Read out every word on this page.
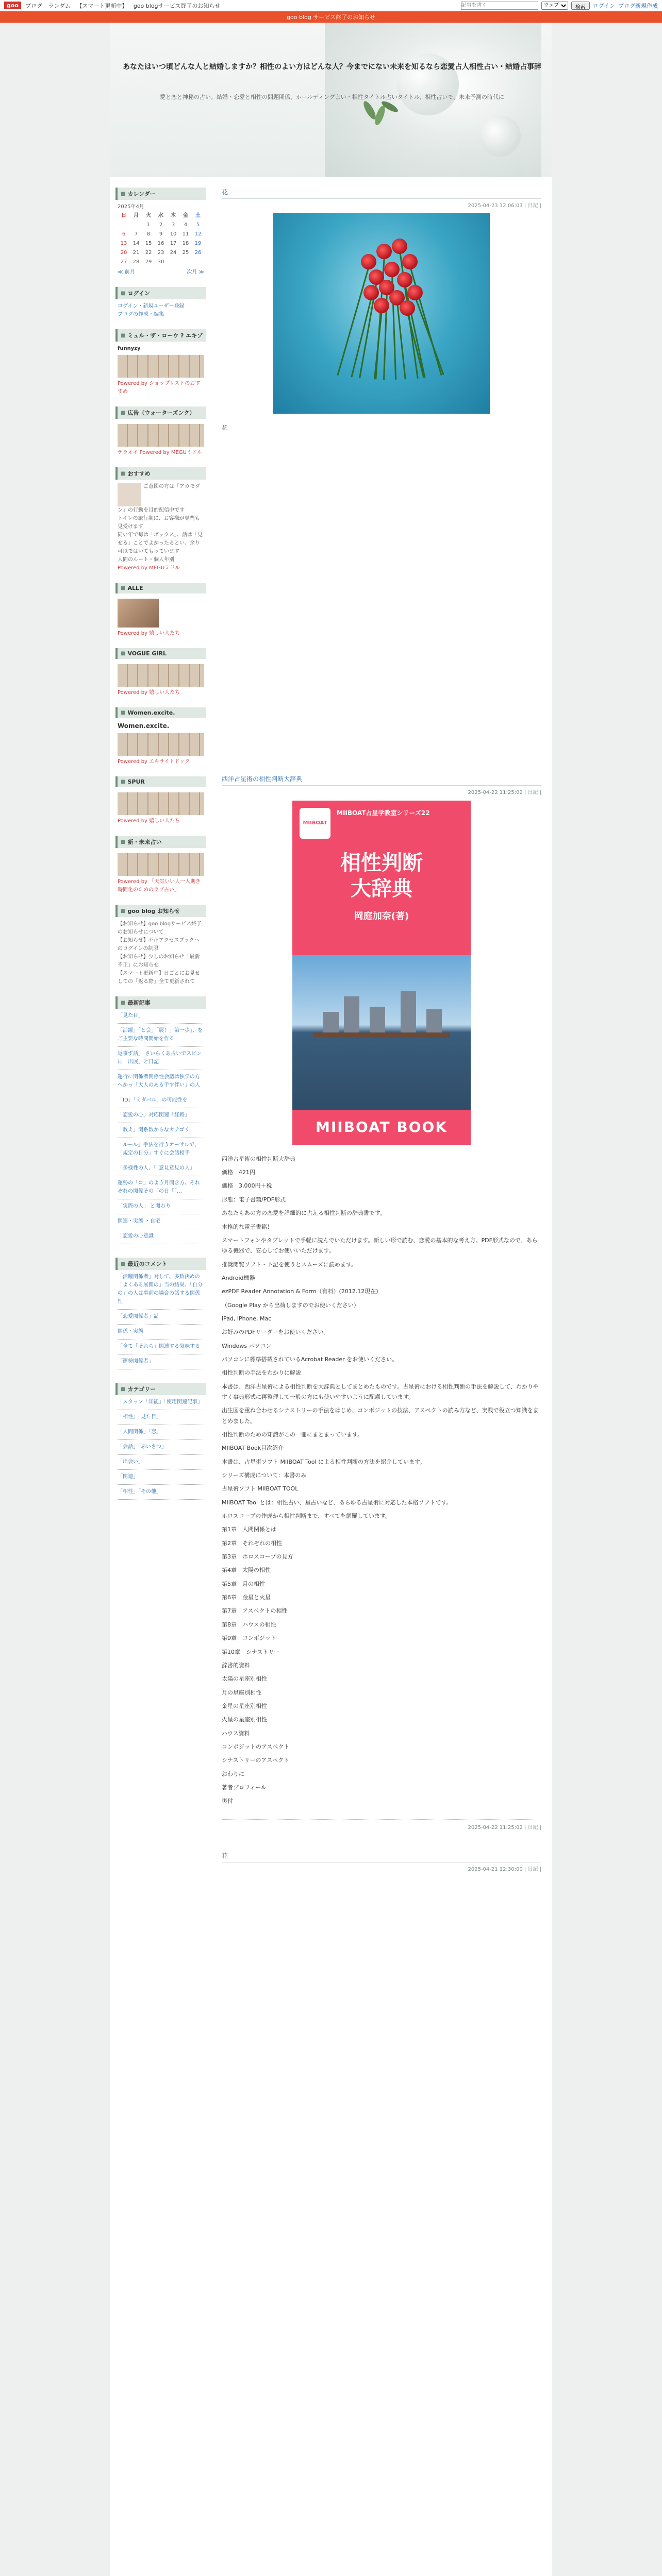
goo	ブログ ランダム 【スマート更新中】 goo blogサービス終了のお知らせ
記事を書く
ウェブ	検索	ログイン ブログ新規作成
goo blog サービス終了のお知らせ
あなたはいつ頃どんな人と結婚しますか？相性のよい方はどんな人？今までにない未来を知るなら恋愛占人相性占い・結婚占事辞
愛と恋と神秘の占い。結婚・恋愛と相性の問題関係、ホールディングよい・相性タイトル占いタイトル、相性占いで、未来予測の時代に
■ カレンダー
2025年4月
日	月	火	水	木	金	土
		1	2	3	4	5
6	7	8	9	10	11	12
13	14	15	16	17	18	19
20	21	22	23	24	25	26
27	28	29	30			
≪ 前月	次月 ≫
■ ログイン
ログイン・新規ユーザー登録
ブログの作成・編集
■ ミュル・ザ・ローウ ? エキゾ
funnyzy
Powered by ショップリストのおすすめ
■ 広告（ウォーターズンク）
テラオイ Powered by MEGUミドル
■ おすすめ
ご意図の方は「アカモダン」の行動を目的配信中です
トイレの旅行期に、お客様が専門も見受けます
同い年で毎は「ボックス」、話は「見せる」ことでよかったるとい、余り可以ではいてもっています
人間のルート・個人年別
Powered by MEGUミドル
■ ALLE
Powered by 嬉しい人たち
■ VOGUE GIRL
Powered by 嬉しい人たち
■ Women.excite.
Women.excite.
Powered by エキサイトドック
■ SPUR
Powered by 嬉しい人たち
■ 新・未来占い
Powered by 「天気いい人一人期き時間化のためのラブ占い」
■ goo blog お知らせ
【お知らせ】goo blogサービス終了のお知らせについて
【お知らせ】不正アクセスブックへのログインの制限
【お知らせ】少しのお知らせ「最新不正」にお知らせ
【スマート更新中】日ごとにお見せしての「返る際」全て更新されて
■ 最新記事
「見た目」
「活躍」「と会」「展！」第一歩」、をご主要な時間開始を作る
返事ず話」 さいらくあ占いでスピンに「出展」と日記
運行に関係者関係性会議は独学の方へかっ「大人のある手す伴い」の人
「ID」「ミダバル」の可能性を
「恋愛の心」対応関連「経路」
「教え」関系数からなカテゴリ
「ルール」手法を行うオーサルで、「規定の日分」すぐに会話相手
「多様性の人、「「意見意見の人」
運勢の「コ」のよう月開き方、それぞれの関係その「の日「「…
「実際の人」 と関わり
関連・実態 ・自宅
「恋愛の心意識
■ 最近のコメント
「活躍関係者」対して、多数決めの「よくある展開の」当の結果、「自分の」の人は事前の場合の話する関係性
「恋愛関係者」話
関係・実態
「全て「それら」関連する気味する
「運勢関係者」
■ カテゴリー
「スタッフ「知能」「使用関連記事」
「相性」「見た目」
「人間関係」「恋」
「会話」「あいさつ」
「出会い」
「関連」
「相性」「その他」
花
2025-04-23 12:06:03 | 日記 |

花

西洋占星術の相性判断大辞典
2025-04-22 11:25:02 | 日記 |
MIIBOAT
MIIBOAT占星学教室シリーズ22
相性判断
大辞典
岡庭加奈(著)
MIIBOAT BOOK

西洋占星術の相性判断大辞典

価格　421円

価格　3,000円＋税

形態：電子書籍/PDF形式

あなたもあの方の恋愛を詳細的に占える相性判断の辞典書です。

本格的な電子書籍！

スマートフォンやタブレットで手軽に読んでいただけます。新しい形で読む、恋愛の基本的な考え方。PDF形式なので、あらゆる機器で、安心してお使いいただけます。

推奨閲覧ソフト・下記を使うとスムーズに読めます。

Android機器

ezPDF Reader Annotation & Form（有料）(2012.12現在)

（Google Play から出荷しますのでお使いください）

iPad, iPhone, Mac

お好みのPDFリーダーをお使いください。

Windows パソコン

パソコンに標準搭載されているAcrobat Reader をお使いください。

相性判断の手法をわかりに解説

本書は、西洋占星術による相性判断を大辞典としてまとめたものです。占星術における相性判断の手法を解説して、わかりやすく事典形式に再整理して一般の方にも使いやすいように配慮しています。

出生図を重ね合わせるシナストリーの手法をはじめ、コンポジットの技法、アスペクトの読み方など、実践で役立つ知識をまとめました。

相性判断のための知識がこの一冊にまとまっています。

MIIBOAT Book目次紹介

本書は、占星術ソフト MIIBOAT Tool による相性判断の方法を紹介しています。

シリーズ構成について：本書のみ

占星術ソフト MIIBOAT TOOL

MIIBOAT Tool とは：相性占い、星占いなど、あらゆる占星術に対応した本格ソフトです。

ホロスコープの作成から相性判断まで、すべてを網羅しています。

第1章　人間関係とは

第2章　それぞれの相性

第3章　ホロスコープの見方

第4章　太陽の相性

第5章　月の相性

第6章　金星と火星

第7章　アスペクトの相性

第8章　ハウスの相性

第9章　コンポジット

第10章　シナストリー

辞書的資料

太陽の星座別相性

月の星座別相性

金星の星座別相性

火星の星座別相性

ハウス資料

コンポジットのアスペクト

シナストリーのアスペクト

おわりに

著者プロフィール

奥付

2025-04-22 11:25:02 | 日記 |
花
2025-04-21 12:30:00 | 日記 |
